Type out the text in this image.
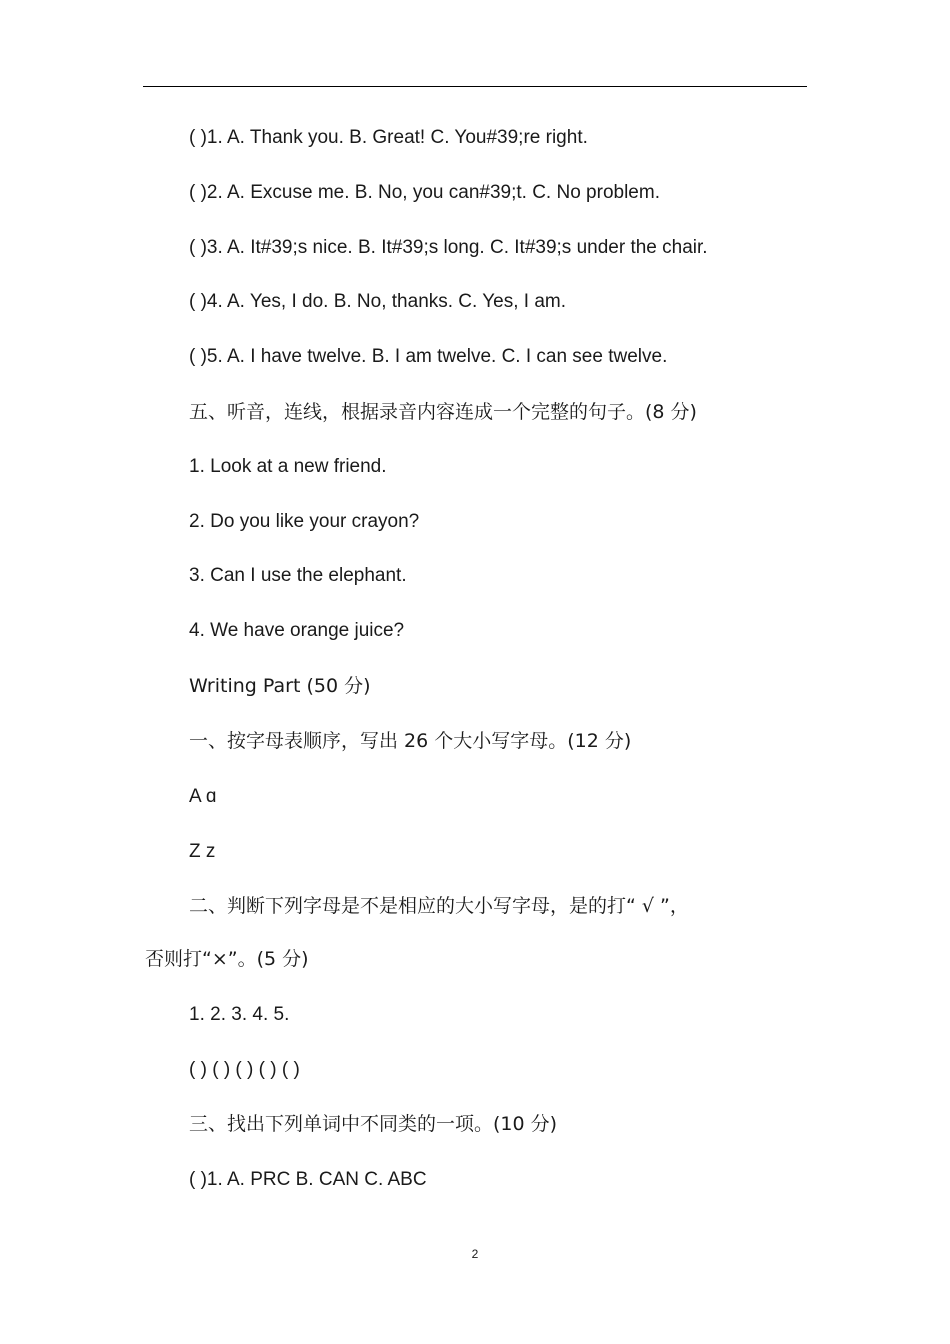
( )1. A. Thank you. B. Great! C. You#39;re right.
( )2. A. Excuse me. B. No, you can#39;t. C. No problem.
( )3. A. It#39;s nice. B. It#39;s long. C. It#39;s under the chair.
( )4. A. Yes, I do. B. No, thanks. C. Yes, I am.
( )5. A. I have twelve. B. I am twelve. C. I can see twelve.
五、听音，连线，根据录音内容连成一个完整的句子。(8 分)
1. Look at a new friend.
2. Do you like your crayon?
3. Can I use the elephant.
4. We have orange juice?
Writing Part (50 分)
一、按字母表顺序，写出 26 个大小写字母。(12 分)
A ɑ
Z z
二、判断下列字母是不是相应的大小写字母，是的打“ √ ”，
否则打“×”。(5 分)
1. 2. 3. 4. 5.
( ) ( ) ( ) ( ) ( )
三、找出下列单词中不同类的一项。(10 分)
( )1. A. PRC B. CAN C. ABC
2
